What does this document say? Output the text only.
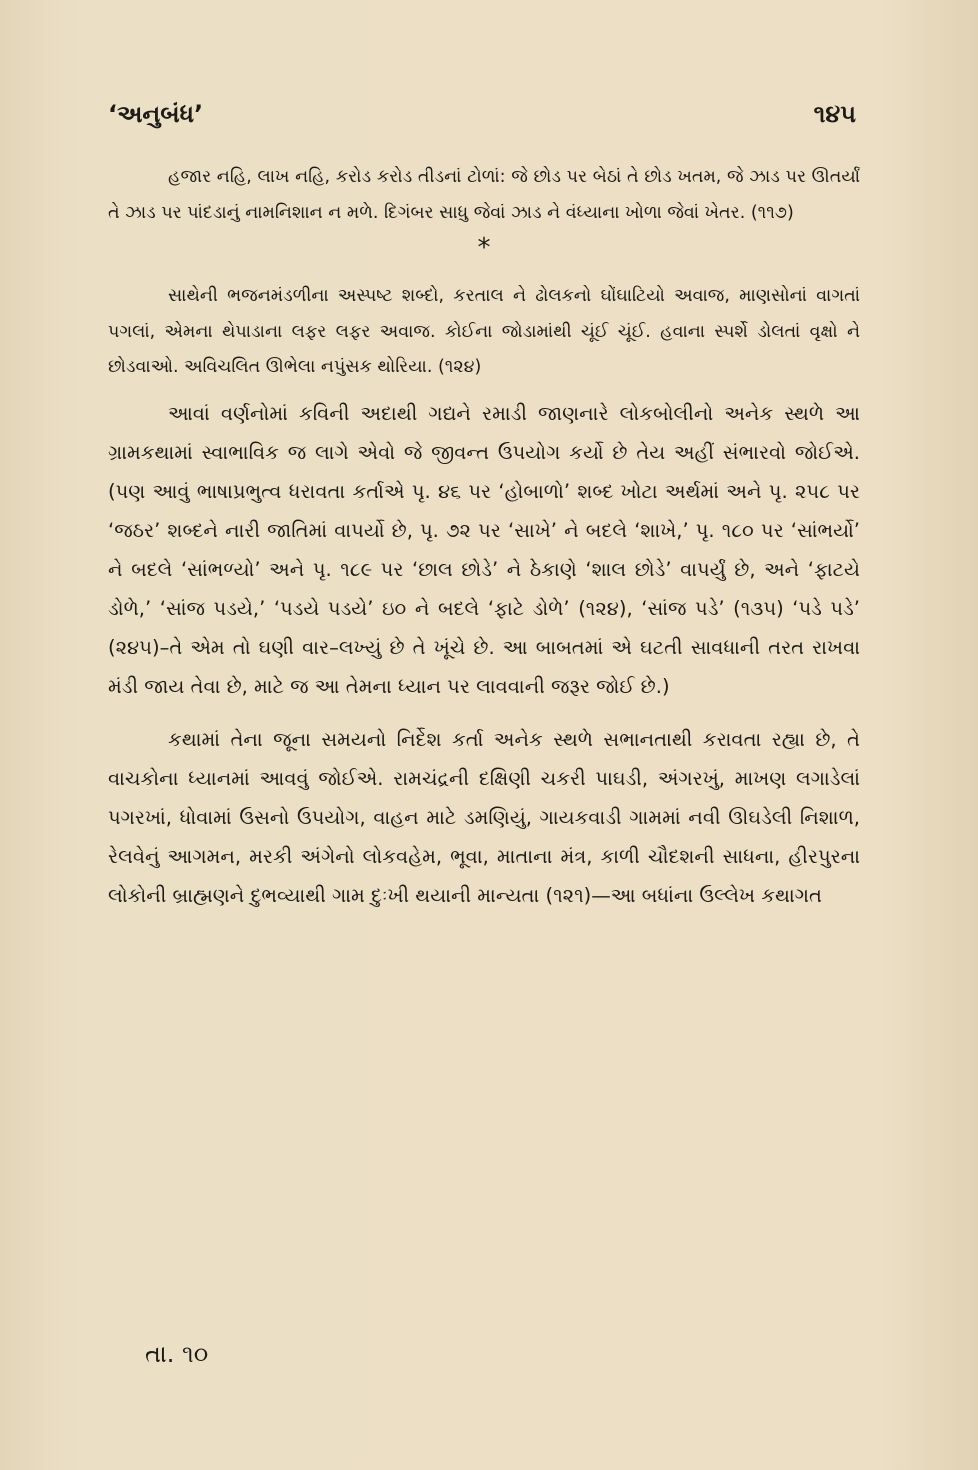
‘અનુબંધ’	૧૪૫

હજાર નહિ, લાખ નહિ, કરોડ કરોડ તીડનાં ટોળાં: જે છોડ પર બેઠાં તે છોડ ખતમ, જે ઝાડ પર ઊતર્યાં તે ઝાડ પર પાંદડાનું નામનિશાન ન મળે. દિગંબર સાધુ જેવાં ઝાડ ને વંધ્યાના ખોળા જેવાં ખેતર. (૧૧૭)

*

સાથેની ભજનમંડળીના અસ્પષ્ટ શબ્દો, કરતાલ ને ઢોલકનો ઘોંઘાટિયો અવાજ, માણસોનાં વાગતાં પગલાં, એમના થેપાડાના લફર લફર અવાજ. કોઈના જોડામાંથી ચૂંઈ ચૂંઈ. હવાના સ્પર્શે ડોલતાં વૃક્ષો ને છોડવાઓ. અવિચલિત ઊભેલા નપુંસક થોરિયા. (૧૨૪)

આવાં વર્ણનોમાં કવિની અદાથી ગદ્યને રમાડી જાણનારે લોકબોલીનો અનેક સ્થળે આ ગ્રામકથામાં સ્વાભાવિક જ લાગે એવો જે જીવન્ત ઉપયોગ કર્યો છે તેય અહીં સંભારવો જોઈએ. (પણ આવું ભાષાપ્રભુત્વ ધરાવતા કર્તાએ પૃ. ૪૬ પર ‘હોબાળો’ શબ્દ ખોટા અર્થમાં અને પૃ. ૨૫૮ પર ‘જઠર’ શબ્દને નારી જાતિમાં વાપર્યો છે, પૃ. ૭૨ પર ‘સાખે’ ને બદલે ‘શાખે,’ પૃ. ૧૮૦ પર ‘સાંભર્યો’ ને બદલે ‘સાંભળ્યો’ અને પૃ. ૧૮૯ પર ‘છાલ છોડે’ ને ઠેકાણે ‘શાલ છોડે’ વાપર્યું છે, અને ‘ફાટયે ડોળે,’ ‘સાંજ પડયે,’ ‘પડયે પડયે’ ઇ૦ ને બદલે ‘ફાટે ડોળે’ (૧૨૪), ‘સાંજ પડે’ (૧૩૫) ‘પડે પડે’ (૨૪૫)–તે એમ તો ઘણી વાર–લખ્યું છે તે ખૂંચે છે. આ બાબતમાં એ ઘટતી સાવધાની તરત રાખવા મંડી જાય તેવા છે, માટે જ આ તેમના ધ્યાન પર લાવવાની જરૂર જોઈ છે.)

કથામાં તેના જૂના સમયનો નિર્દેશ કર્તા અનેક સ્થળે સભાનતાથી કરાવતા રહ્યા છે, તે વાચકોના ધ્યાનમાં આવવું જોઈએ. રામચંદ્રની દક્ષિણી ચકરી પાઘડી, અંગરખું, માખણ લગાડેલાં પગરખાં, ધોવામાં ઉસનો ઉપયોગ, વાહન માટે ડમણિયું, ગાયકવાડી ગામમાં નવી ઊઘડેલી નિશાળ, રેલવેનું આગમન, મરકી અંગેનો લોકવહેમ, ભૂવા, માતાના મંત્ર, કાળી ચૌદશની સાધના, હીરપુરના લોકોની બ્રાહ્મણને દુભવ્યાથી ગામ દુઃખી થયાની માન્યતા (૧૨૧)—આ બધાંના ઉલ્લેખ કથાગત

તા. ૧૦
